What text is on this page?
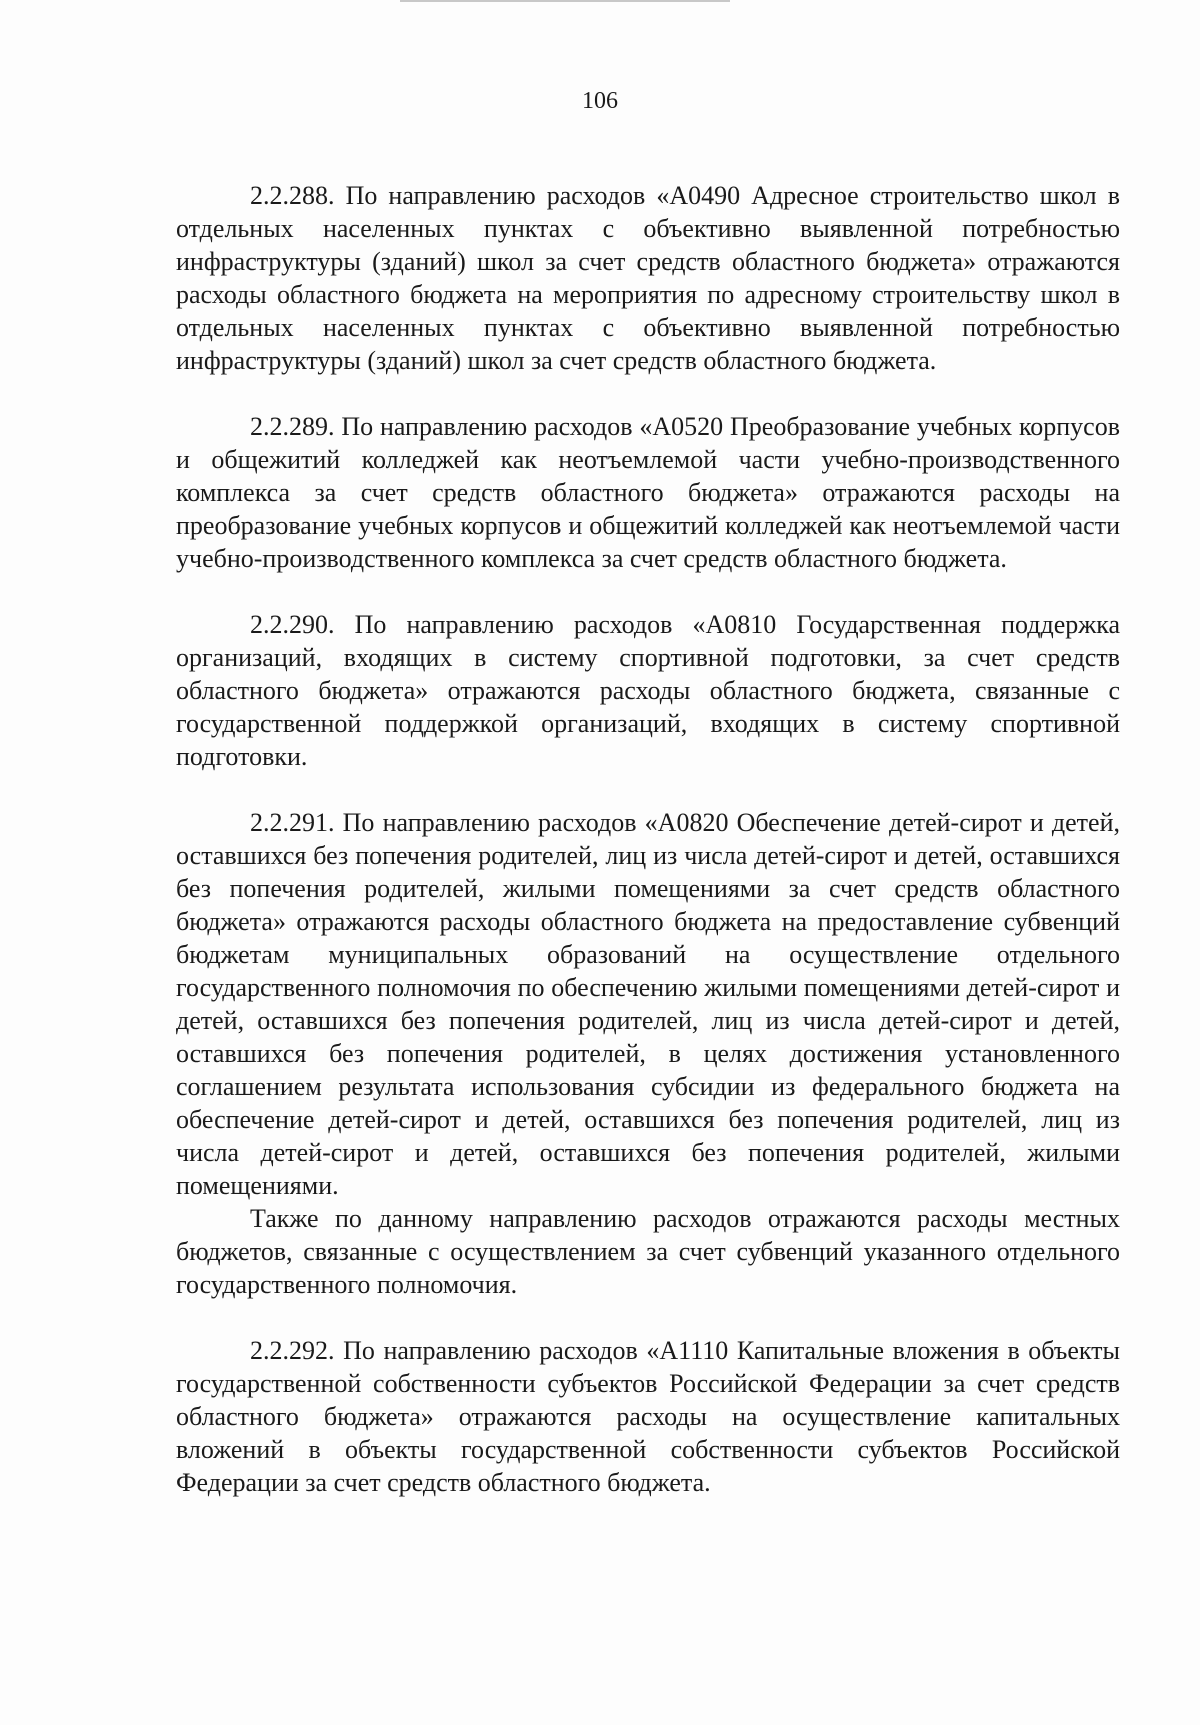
106

2.2.288. По направлению расходов «А0490 Адресное строительство школ в отдельных населенных пунктах с объективно выявленной потребностью инфраструктуры (зданий) школ за счет средств областного бюджета» отражаются расходы областного бюджета на мероприятия по адресному строительству школ в отдельных населенных пунктах с объективно выявленной потребностью инфраструктуры (зданий) школ за счет средств областного бюджета.

2.2.289. По направлению расходов «А0520 Преобразование учебных корпусов и общежитий колледжей как неотъемлемой части учебно-производственного комплекса за счет средств областного бюджета» отражаются расходы на преобразование учебных корпусов и общежитий колледжей как неотъемлемой части учебно-производственного комплекса за счет средств областного бюджета.

2.2.290. По направлению расходов «А0810 Государственная поддержка организаций, входящих в систему спортивной подготовки, за счет средств областного бюджета» отражаются расходы областного бюджета, связанные с государственной поддержкой организаций, входящих в систему спортивной подготовки.

2.2.291. По направлению расходов «А0820 Обеспечение детей-сирот и детей, оставшихся без попечения родителей, лиц из числа детей-сирот и детей, оставшихся без попечения родителей, жилыми помещениями за счет средств областного бюджета» отражаются расходы областного бюджета на предоставление субвенций бюджетам муниципальных образований на осуществление отдельного государственного полномочия по обеспечению жилыми помещениями детей-сирот и детей, оставшихся без попечения родителей, лиц из числа детей-сирот и детей, оставшихся без попечения родителей, в целях достижения установленного соглашением результата использования субсидии из федерального бюджета на обеспечение детей-сирот и детей, оставшихся без попечения родителей, лиц из числа детей-сирот и детей, оставшихся без попечения родителей, жилыми помещениями.

Также по данному направлению расходов отражаются расходы местных бюджетов, связанные с осуществлением за счет субвенций указанного отдельного государственного полномочия.

2.2.292. По направлению расходов «А1110 Капитальные вложения в объекты государственной собственности субъектов Российской Федерации за счет средств областного бюджета» отражаются расходы на осуществление капитальных вложений в объекты государственной собственности субъектов Российской Федерации за счет средств областного бюджета.
